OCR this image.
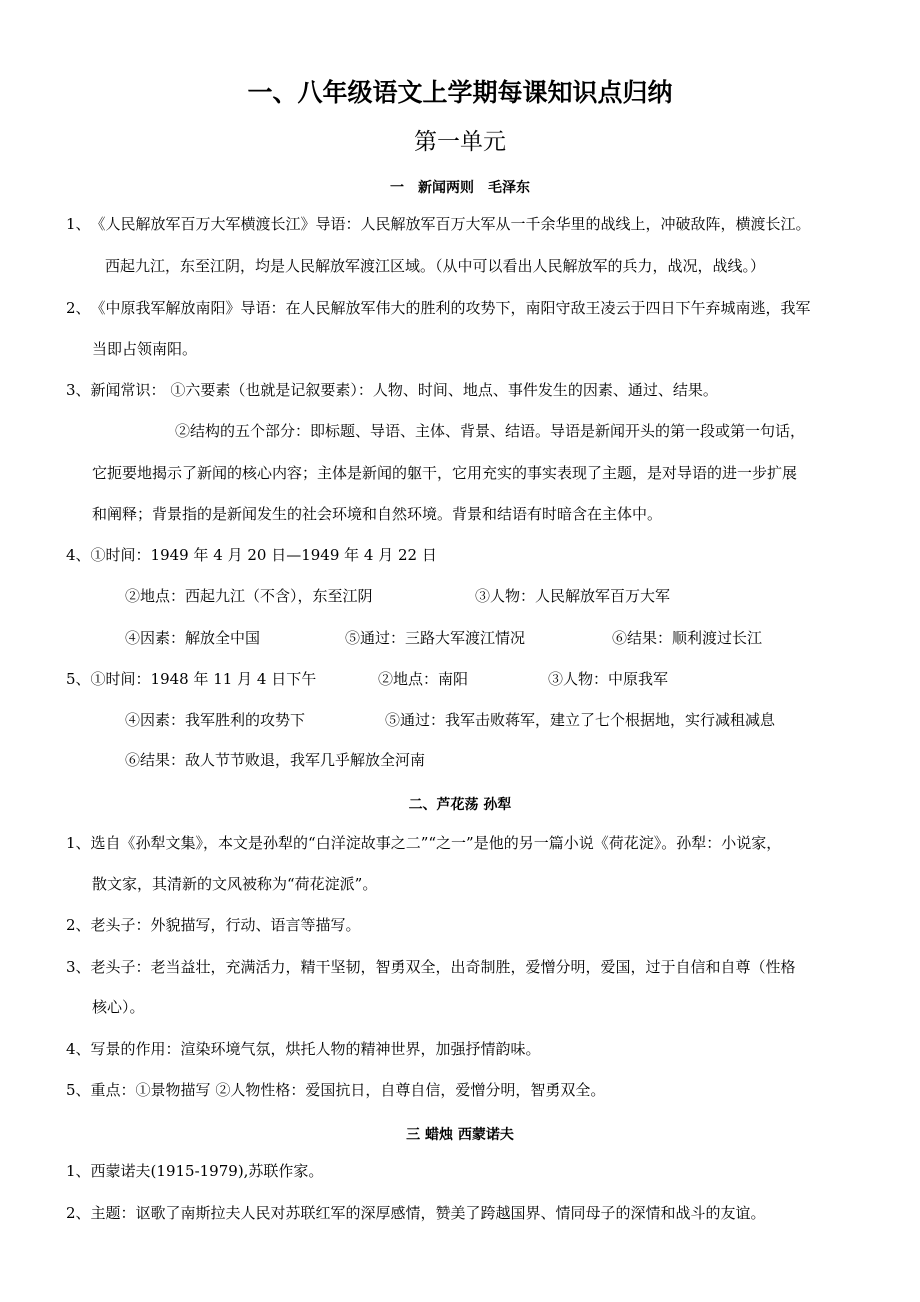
一、八年级语文上学期每课知识点归纳
第一单元
一　新闻两则　毛泽东
1、《人民解放军百万大军横渡长江》导语：人民解放军百万大军从一千余华里的战线上，冲破敌阵，横渡长江。
西起九江，东至江阴，均是人民解放军渡江区域。（从中可以看出人民解放军的兵力，战况，战线。）
2、《中原我军解放南阳》导语：在人民解放军伟大的胜利的攻势下，南阳守敌王凌云于四日下午弃城南逃，我军
当即占领南阳。
3、新闻常识： ①六要素（也就是记叙要素）：人物、时间、地点、事件发生的因素、通过、结果。
②结构的五个部分：即标题、导语、主体、背景、结语。导语是新闻开头的第一段或第一句话，
它扼要地揭示了新闻的核心内容；主体是新闻的躯干，它用充实的事实表现了主题，是对导语的进一步扩展
和阐释；背景指的是新闻发生的社会环境和自然环境。背景和结语有时暗含在主体中。
4、①时间：1949 年 4 月 20 日—1949 年 4 月 22 日
②地点：西起九江（不含），东至江阴	③人物：人民解放军百万大军
④因素：解放全中国	⑤通过：三路大军渡江情况	⑥结果：顺利渡过长江
5、①时间：1948 年 11 月 4 日下午	②地点：南阳	③人物：中原我军
④因素：我军胜利的攻势下	⑤通过：我军击败蒋军，建立了七个根据地，实行减租减息
⑥结果：敌人节节败退，我军几乎解放全河南
二、芦花荡 孙犁
1、选自《孙犁文集》，本文是孙犁的“白洋淀故事之二”“之一”是他的另一篇小说《荷花淀》。孙犁：小说家，
散文家，其清新的文风被称为“荷花淀派”。
2、老头子：外貌描写，行动、语言等描写。
3、老头子：老当益壮，充满活力，精干坚韧，智勇双全，出奇制胜，爱憎分明，爱国，过于自信和自尊（性格
核心）。
4、写景的作用：渲染环境气氛，烘托人物的精神世界，加强抒情韵味。
5、重点：①景物描写 ②人物性格：爱国抗日，自尊自信，爱憎分明，智勇双全。
三 蜡烛 西蒙诺夫
1、西蒙诺夫(1915-1979),苏联作家。
2、主题：讴歌了南斯拉夫人民对苏联红军的深厚感情，赞美了跨越国界、情同母子的深情和战斗的友谊。
